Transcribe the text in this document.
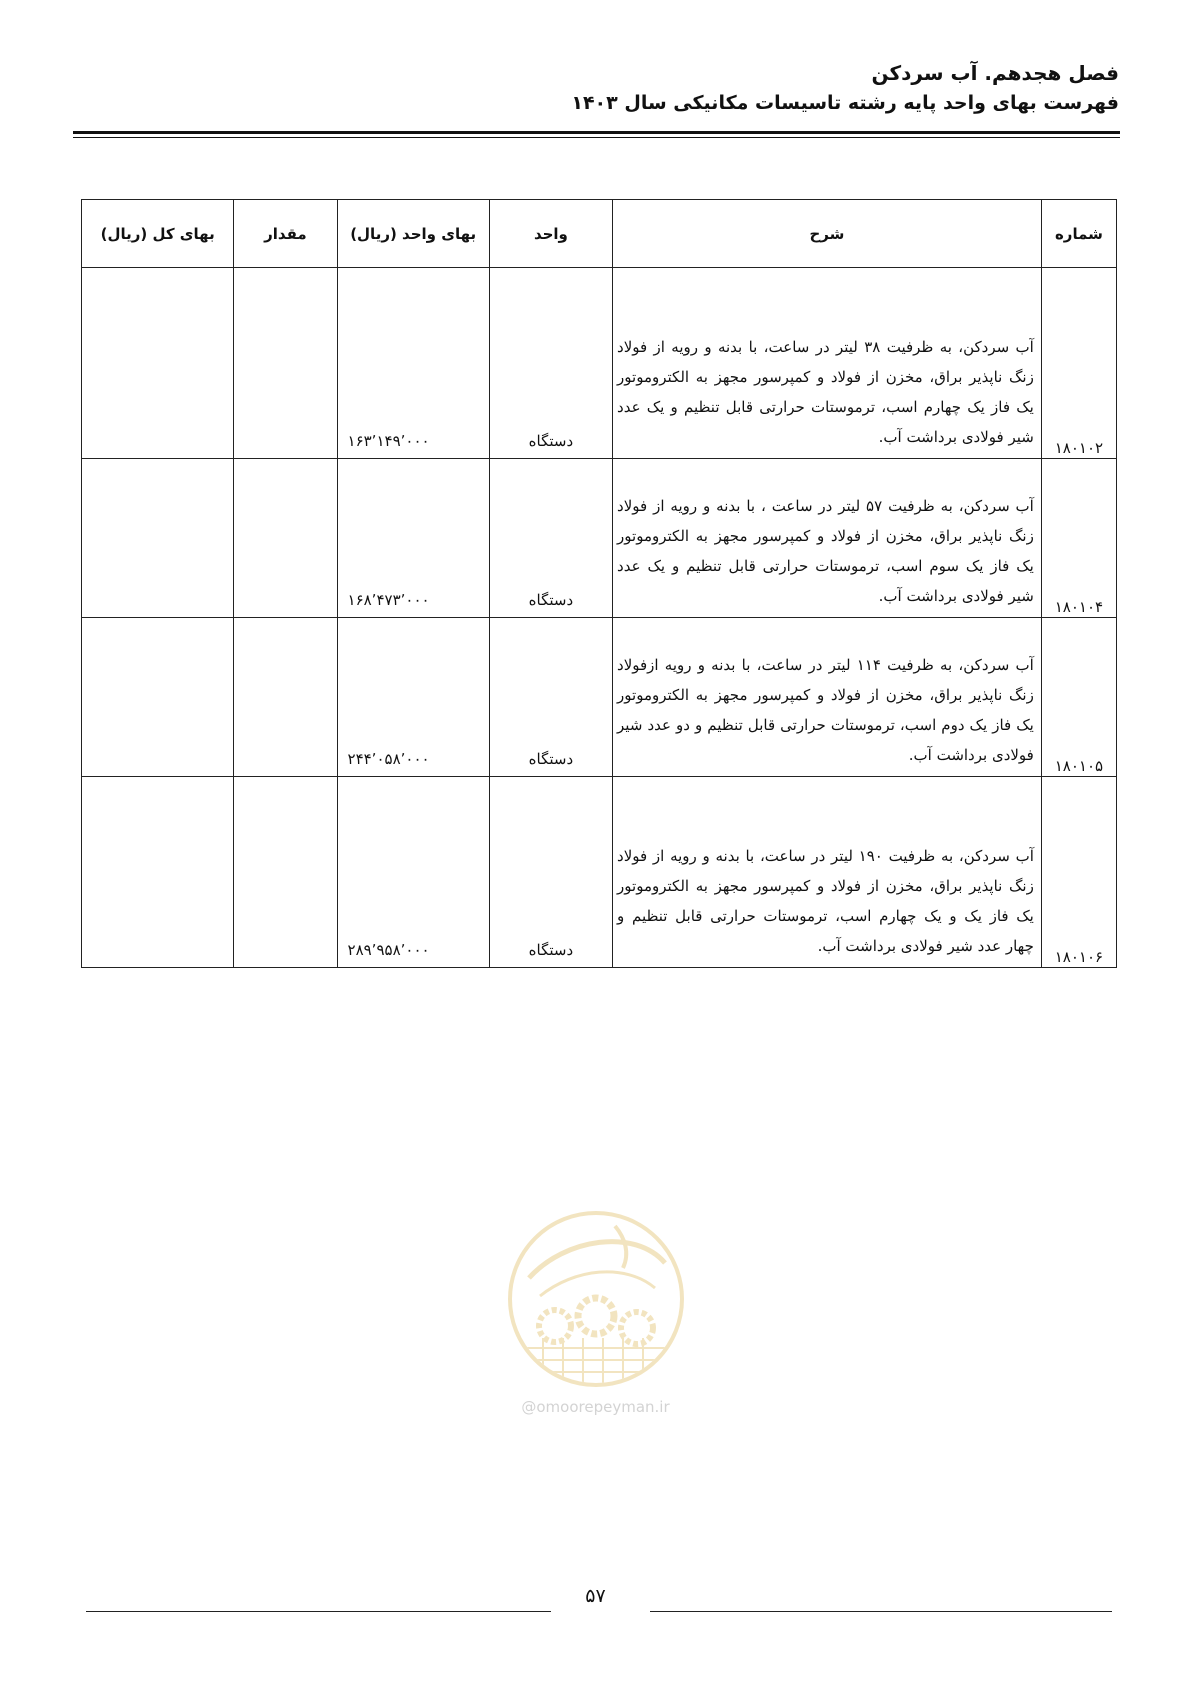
فصل هجدهم. آب سردکن
فهرست بهای واحد پایه رشته تاسیسات مکانیکی سال ۱۴۰۳
شماره	شرح	واحد	بهای واحد (ریال)	مقدار	بهای کل (ریال)
۱۸۰۱۰۲	آب سردکن، به ظرفیت ۳۸ لیتر در ساعت، با بدنه و رویه از فولاد زنگ ناپذیر براق، مخزن از فولاد و کمپرسور مجهز به الکتروموتور یک فاز یک چهارم اسب، ترموستات حرارتی قابل تنظیم و یک عدد شیر فولادی برداشت آب.	دستگاه	۱۶۳٬۱۴۹٬۰۰۰		
۱۸۰۱۰۴	آب سردکن، به ظرفیت ۵۷ لیتر در ساعت ، با بدنه و رویه از فولاد زنگ ناپذیر براق، مخزن از فولاد و کمپرسور مجهز به الکتروموتور یک فاز یک سوم اسب، ترموستات حرارتی قابل تنظیم و یک عدد شیر فولادی برداشت آب.	دستگاه	۱۶۸٬۴۷۳٬۰۰۰		
۱۸۰۱۰۵	آب سردکن، به ظرفیت ۱۱۴ لیتر در ساعت، با بدنه و رویه ازفولاد زنگ ناپذیر براق، مخزن از فولاد و کمپرسور مجهز به الکتروموتور یک فاز یک دوم اسب، ترموستات حرارتی قابل تنظیم و دو عدد شیر فولادی برداشت آب.	دستگاه	۲۴۴٬۰۵۸٬۰۰۰		
۱۸۰۱۰۶	آب سردکن، به ظرفیت ۱۹۰ لیتر در ساعت، با بدنه و رویه از فولاد زنگ ناپذیر براق، مخزن از فولاد و کمپرسور مجهز به الکتروموتور یک فاز یک و یک چهارم اسب، ترموستات حرارتی قابل تنظیم و چهار عدد شیر فولادی برداشت آب.	دستگاه	۲۸۹٬۹۵۸٬۰۰۰		
@omoorepeyman.ir
۵۷
